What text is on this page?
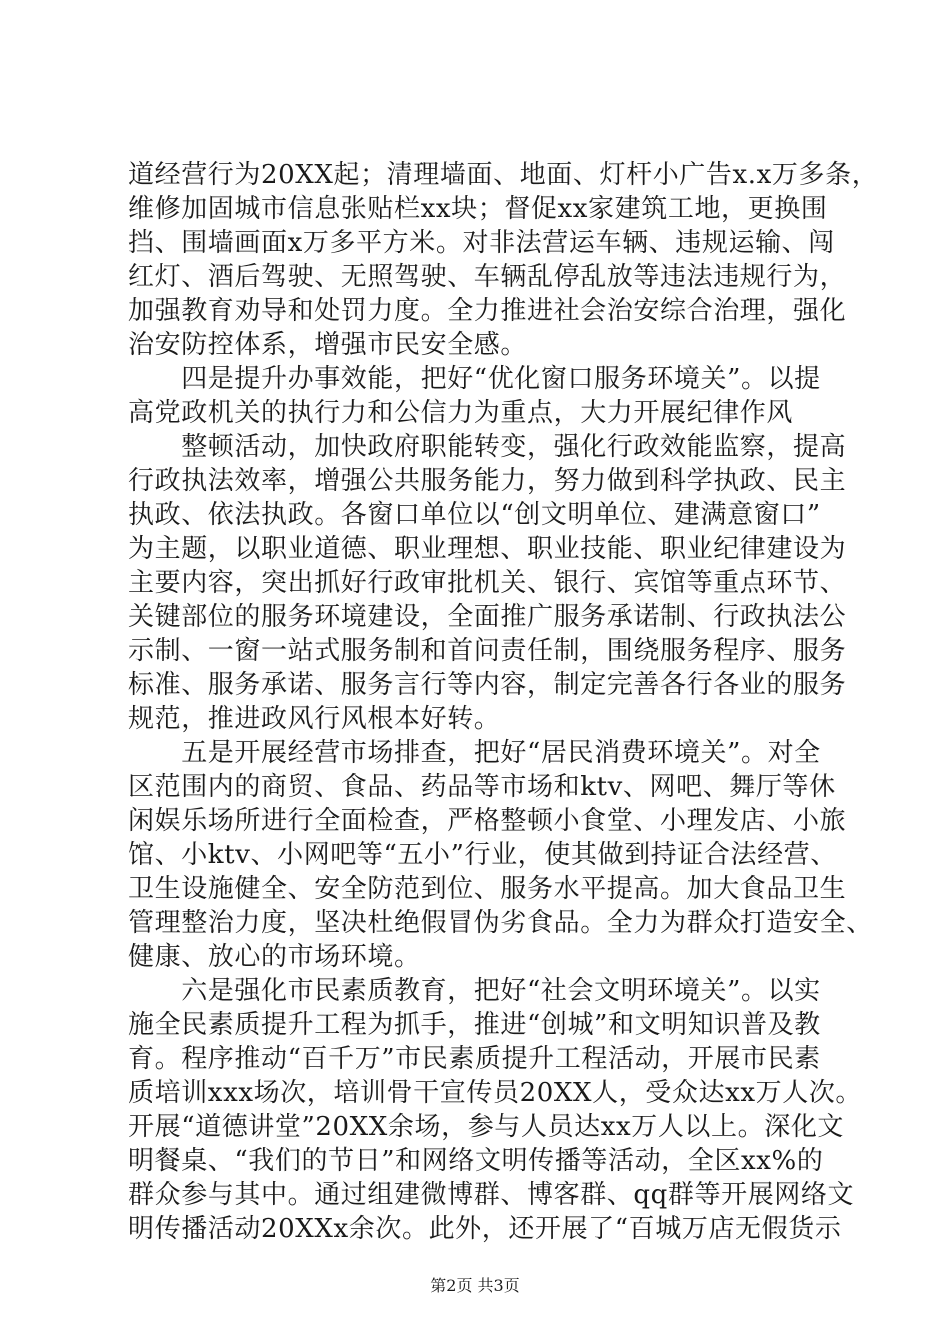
道经营行为20XX起；清理墙面、地面、灯杆小广告x.x万多条，
维修加固城市信息张贴栏xx块；督促xx家建筑工地，更换围
挡、围墙画面x万多平方米。对非法营运车辆、违规运输、闯
红灯、酒后驾驶、无照驾驶、车辆乱停乱放等违法违规行为，
加强教育劝导和处罚力度。全力推进社会治安综合治理，强化
治安防控体系，增强市民安全感。
　　四是提升办事效能，把好“优化窗口服务环境关”。以提
高党政机关的执行力和公信力为重点，大力开展纪律作风
　　整顿活动，加快政府职能转变，强化行政效能监察，提高
行政执法效率，增强公共服务能力，努力做到科学执政、民主
执政、依法执政。各窗口单位以“创文明单位、建满意窗口”
为主题，以职业道德、职业理想、职业技能、职业纪律建设为
主要内容，突出抓好行政审批机关、银行、宾馆等重点环节、
关键部位的服务环境建设，全面推广服务承诺制、行政执法公
示制、一窗一站式服务制和首问责任制，围绕服务程序、服务
标准、服务承诺、服务言行等内容，制定完善各行各业的服务
规范，推进政风行风根本好转。
　　五是开展经营市场排查，把好“居民消费环境关”。对全
区范围内的商贸、食品、药品等市场和ktv、网吧、舞厅等休
闲娱乐场所进行全面检查，严格整顿小食堂、小理发店、小旅
馆、小ktv、小网吧等“五小”行业，使其做到持证合法经营、
卫生设施健全、安全防范到位、服务水平提高。加大食品卫生
管理整治力度，坚决杜绝假冒伪劣食品。全力为群众打造安全、
健康、放心的市场环境。
　　六是强化市民素质教育，把好“社会文明环境关”。以实
施全民素质提升工程为抓手，推进“创城”和文明知识普及教
育。程序推动“百千万”市民素质提升工程活动，开展市民素
质培训xxx场次，培训骨干宣传员20XX人，受众达xx万人次。
开展“道德讲堂”20XX余场，参与人员达xx万人以上。深化文
明餐桌、“我们的节日”和网络文明传播等活动，全区xx%的
群众参与其中。通过组建微博群、博客群、qq群等开展网络文
明传播活动20XXx余次。此外，还开展了“百城万店无假货示
第2页 共3页
